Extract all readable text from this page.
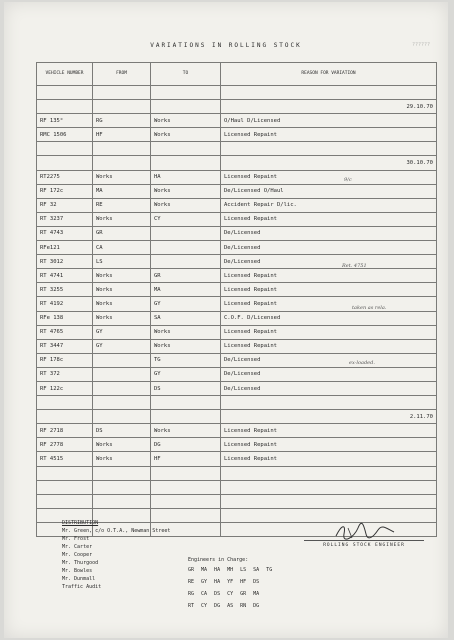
VARIATIONS IN ROLLING STOCK	??????
VEHICLE NUMBER	FROM	TO	REASON FOR VARIATION

			29.10.70
RF 135°	RG	Works	O/Haul D/Licensed
RMC 1506	HF	Works	Licensed Repaint

			30.10.70
RT2275	Works	HA	Licensed Repaint
RF 172c	MA	Works	De/Licensed O/Haul
RF 32	RE	Works	Accident Repair D/lic.
RT 3237	Works	CY	Licensed Repaint
RT 4743	GR		De/Licensed
RFe121	CA		De/Licensed
RT 3012	LS		De/Licensed
RT 4741	Works	GR	Licensed Repaint
RT 3255	Works	MA	Licensed Repaint
RT 4192	Works	GY	Licensed Repaint
RFe 138	Works	SA	C.O.F. D/Licensed
RT 4765	GY	Works	Licensed Repaint
RT 3447	GY	Works	Licensed Repaint
RF 178c		TG	De/Licensed
RT 372		GY	De/Licensed
RF 122c		DS	De/Licensed

			2.11.70
RF 2718	DS	Works	Licensed Repaint
RF 2778	Works	DG	Licensed Repaint
RT 4515	Works	HF	Licensed Repaint

9/c
Ret. 4751
taken as rela.
ex-loaded.
DISTRIBUTION
Mr. Green, c/o O.T.A., Newman Street
Mr. Frost
Mr. Carter
Mr. Cooper
Mr. Thurgood
Mr. Bowles
Mr. Dunmall
Traffic Audit
Engineers in Charge:
GR MA HA MH LS SA TG
RE GY HA YF HF DS
RG CA DS CY GR MA
RT CY DG AS RN DG
ROLLING STOCK ENGINEER
